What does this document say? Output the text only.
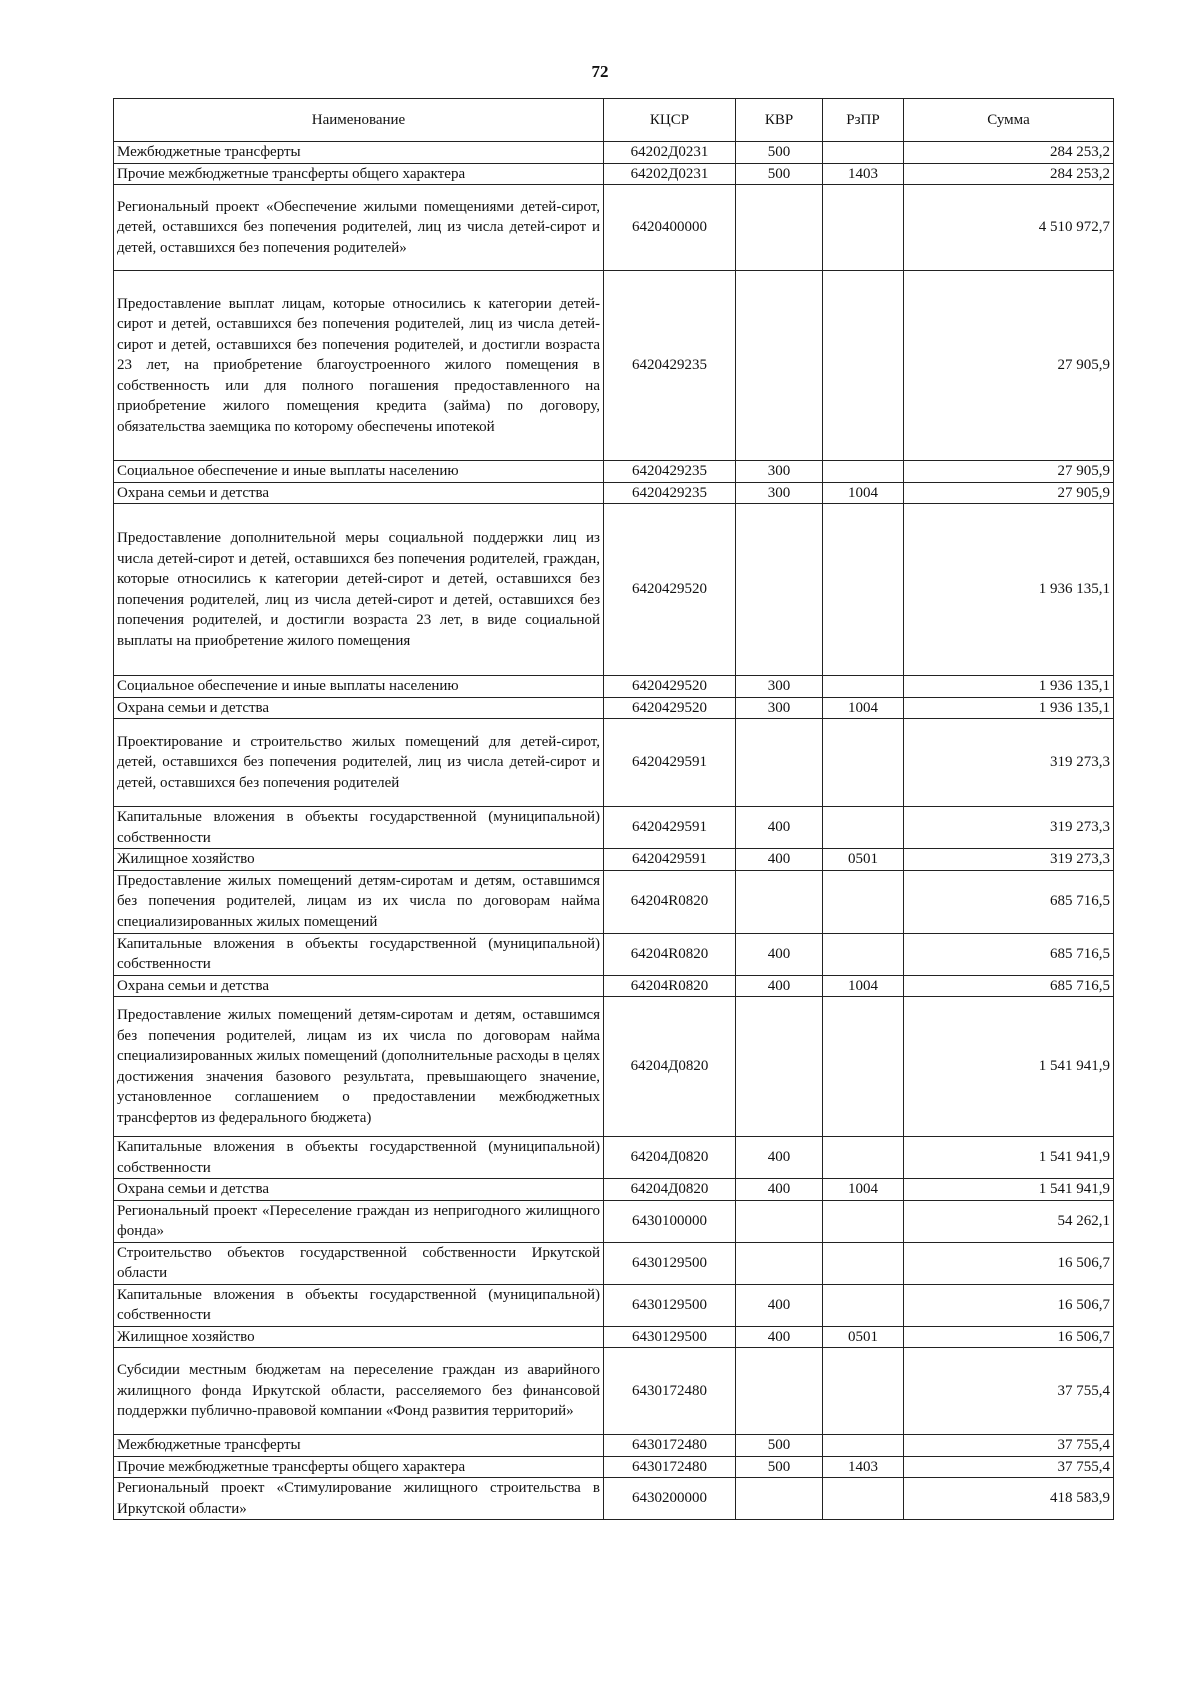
72
Наименование	КЦСР	КВР	РзПР	Сумма
Межбюджетные трансферты	64202Д0231	500		284 253,2
Прочие межбюджетные трансферты общего характера	64202Д0231	500	1403	284 253,2
Региональный проект «Обеспечение жилыми помещениями детей-сирот, детей, оставшихся без попечения родителей, лиц из числа детей-сирот и детей, оставшихся без попечения родителей»	6420400000			4 510 972,7
Предоставление выплат лицам, которые относились к категории детей-сирот и детей, оставшихся без попечения родителей, лиц из числа детей-сирот и детей, оставшихся без попечения родителей, и достигли возраста 23 лет, на приобретение благоустроенного жилого помещения в собственность или для полного погашения предоставленного на приобретение жилого помещения кредита (займа) по договору, обязательства заемщика по которому обеспечены ипотекой	6420429235			27 905,9
Социальное обеспечение и иные выплаты населению	6420429235	300		27 905,9
Охрана семьи и детства	6420429235	300	1004	27 905,9
Предоставление дополнительной меры социальной поддержки лиц из числа детей-сирот и детей, оставшихся без попечения родителей, граждан, которые относились к категории детей-сирот и детей, оставшихся без попечения родителей, лиц из числа детей-сирот и детей, оставшихся без попечения родителей, и достигли возраста 23 лет, в виде социальной выплаты на приобретение жилого помещения	6420429520			1 936 135,1
Социальное обеспечение и иные выплаты населению	6420429520	300		1 936 135,1
Охрана семьи и детства	6420429520	300	1004	1 936 135,1
Проектирование и строительство жилых помещений для детей-сирот, детей, оставшихся без попечения родителей, лиц из числа детей-сирот и детей, оставшихся без попечения родителей	6420429591			319 273,3
Капитальные вложения в объекты государственной (муниципальной) собственности	6420429591	400		319 273,3
Жилищное хозяйство	6420429591	400	0501	319 273,3
Предоставление жилых помещений детям-сиротам и детям, оставшимся без попечения родителей, лицам из их числа по договорам найма специализированных жилых помещений	64204R0820			685 716,5
Капитальные вложения в объекты государственной (муниципальной) собственности	64204R0820	400		685 716,5
Охрана семьи и детства	64204R0820	400	1004	685 716,5
Предоставление жилых помещений детям-сиротам и детям, оставшимся без попечения родителей, лицам из их числа по договорам найма специализированных жилых помещений (дополнительные расходы в целях достижения значения базового результата, превышающего значение, установленное соглашением о предоставлении межбюджетных трансфертов из федерального бюджета)	64204Д0820			1 541 941,9
Капитальные вложения в объекты государственной (муниципальной) собственности	64204Д0820	400		1 541 941,9
Охрана семьи и детства	64204Д0820	400	1004	1 541 941,9
Региональный проект «Переселение граждан из непригодного жилищного фонда»	6430100000			54 262,1
Строительство объектов государственной собственности Иркутской области	6430129500			16 506,7
Капитальные вложения в объекты государственной (муниципальной) собственности	6430129500	400		16 506,7
Жилищное хозяйство	6430129500	400	0501	16 506,7
Субсидии местным бюджетам на переселение граждан из аварийного жилищного фонда Иркутской области, расселяемого без финансовой поддержки публично-правовой компании «Фонд развития территорий»	6430172480			37 755,4
Межбюджетные трансферты	6430172480	500		37 755,4
Прочие межбюджетные трансферты общего характера	6430172480	500	1403	37 755,4
Региональный проект «Стимулирование жилищного строительства в Иркутской области»	6430200000			418 583,9
